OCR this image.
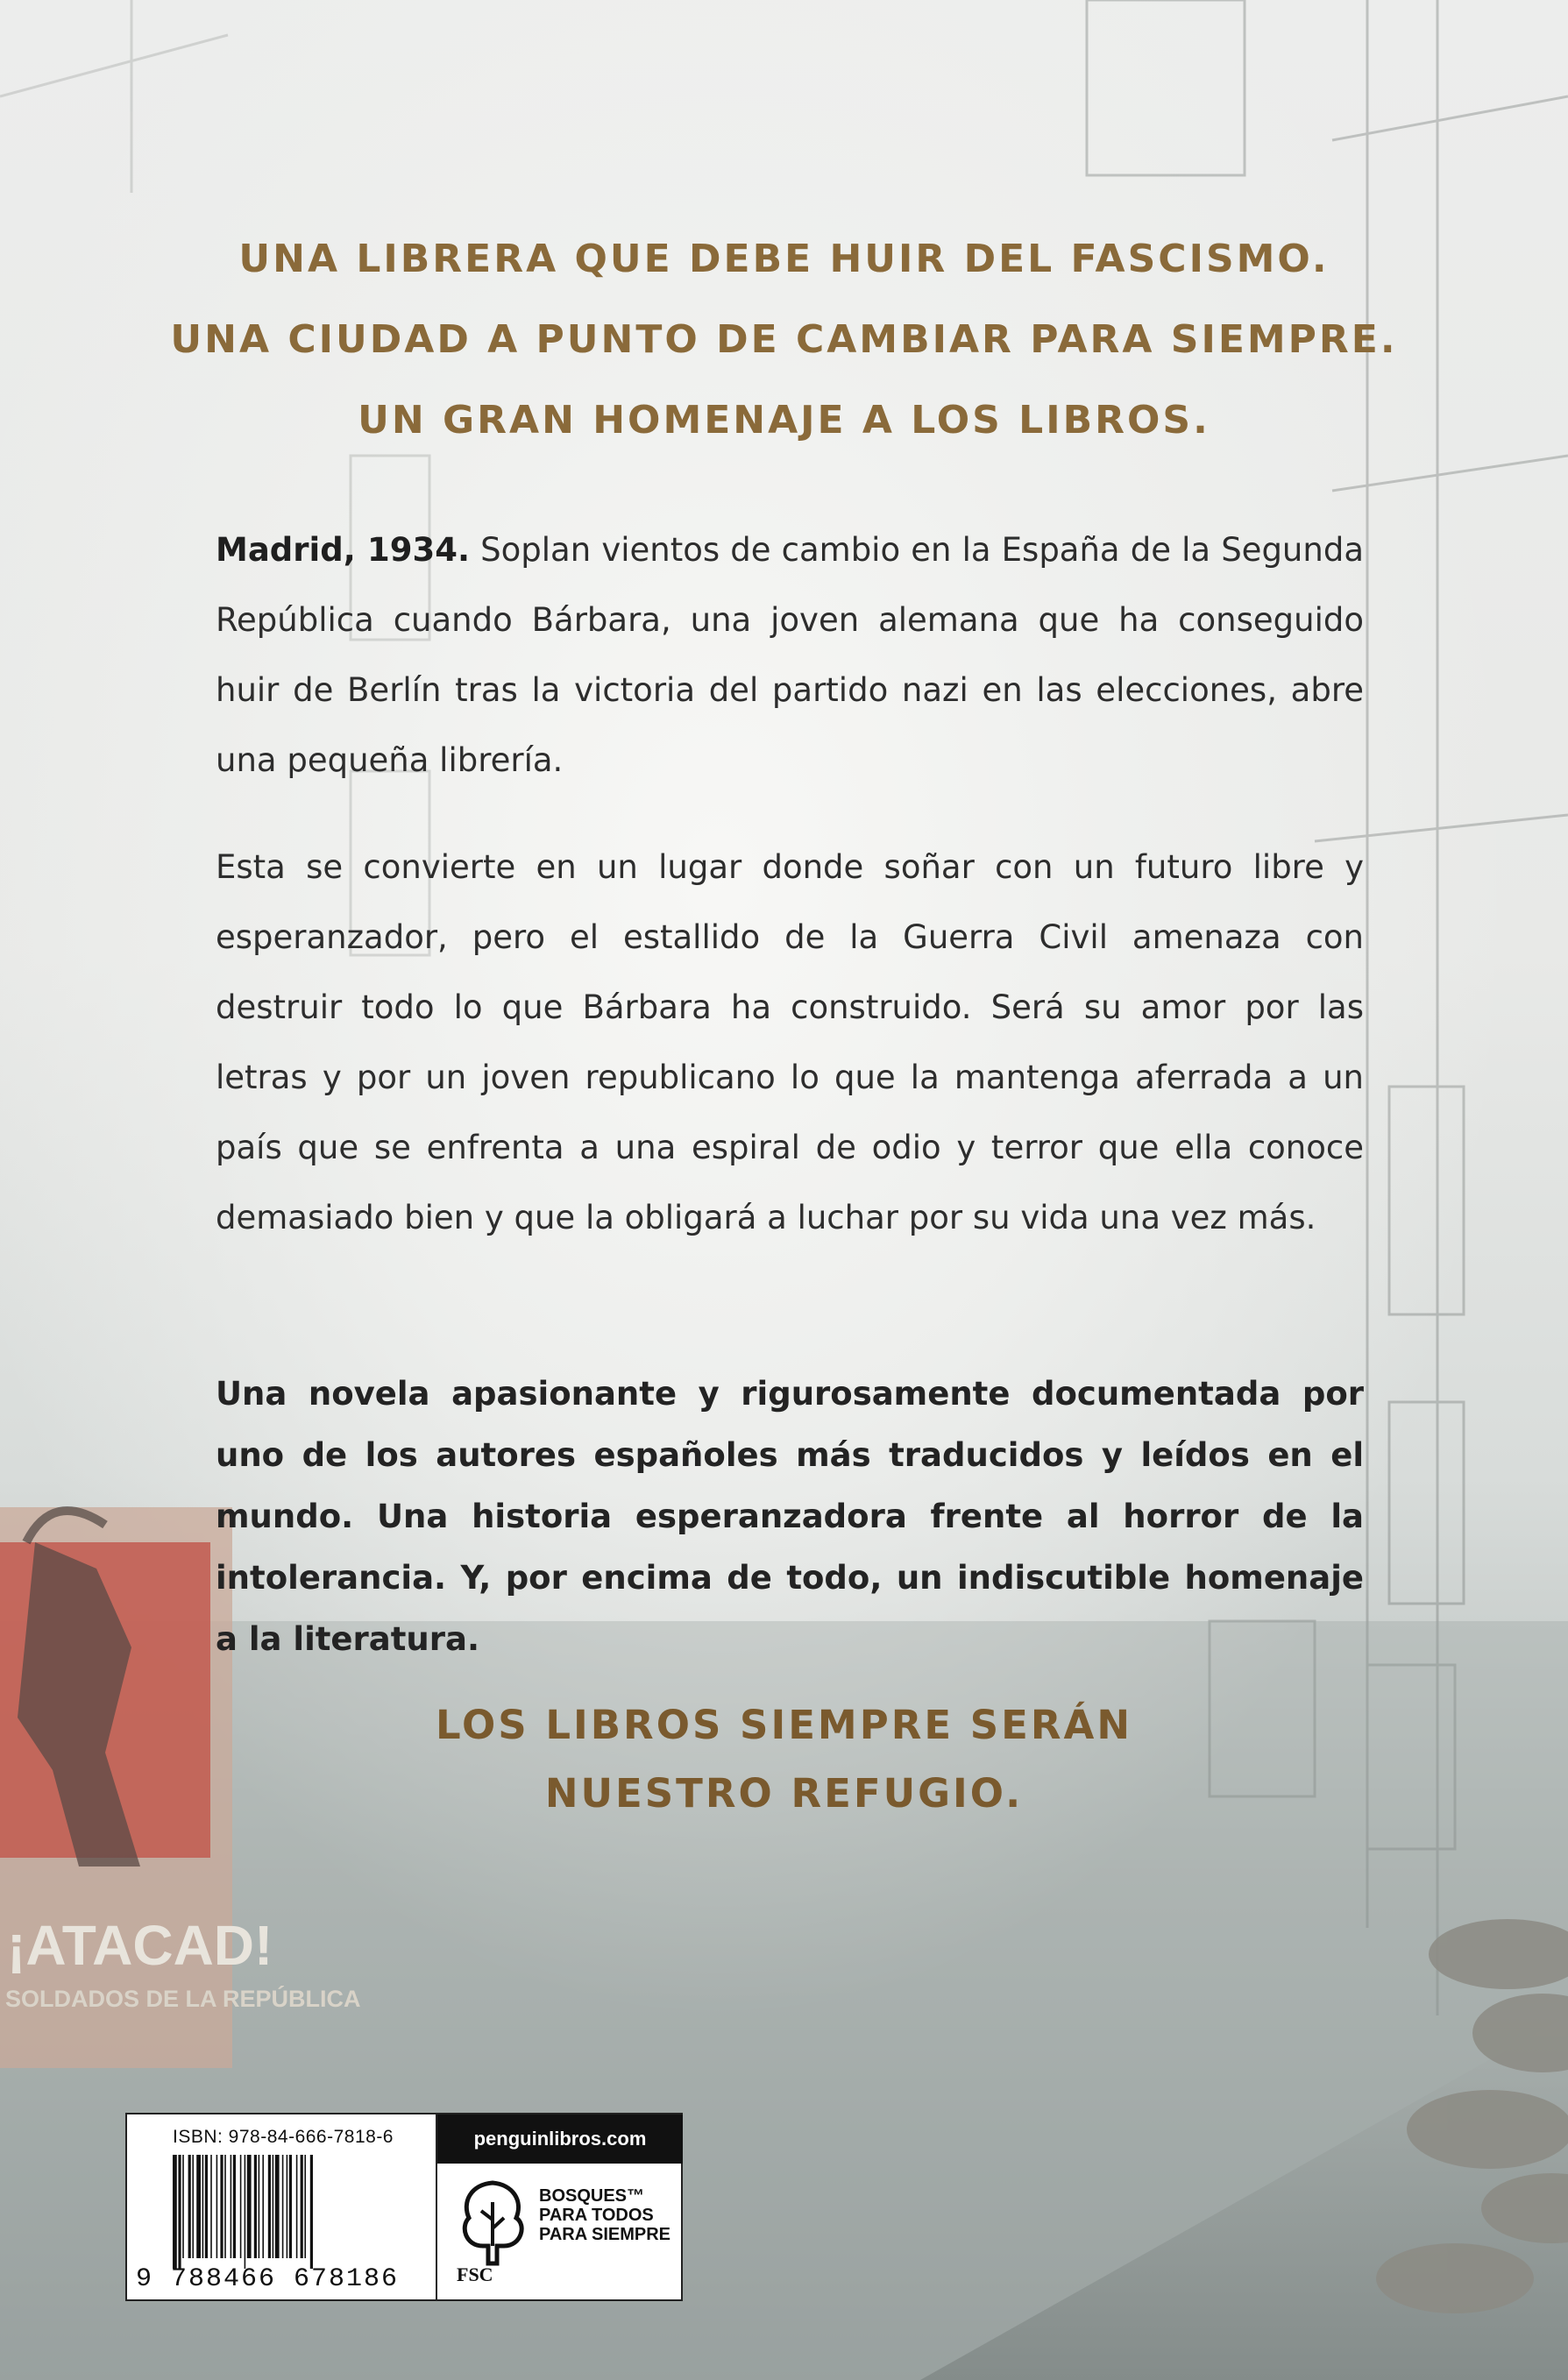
¡ATACAD!
SOLDADOS DE LA REPÚBLICA
UNA LIBRERA QUE DEBE HUIR DEL FASCISMO.
UNA CIUDAD A PUNTO DE CAMBIAR PARA SIEMPRE.
UN GRAN HOMENAJE A LOS LIBROS.

Madrid, 1934. Soplan vientos de cambio en la España de la Segunda República cuando Bárbara, una joven alemana que ha conseguido huir de Berlín tras la victoria del partido nazi en las elecciones, abre una pequeña librería.

Esta se convierte en un lugar donde soñar con un futuro libre y esperanzador, pero el estallido de la Guerra Civil amenaza con destruir todo lo que Bárbara ha construido. Será su amor por las letras y por un joven republicano lo que la mantenga aferrada a un país que se enfrenta a una espiral de odio y terror que ella conoce demasiado bien y que la obligará a luchar por su vida una vez más.

Una novela apasionante y rigurosamente documentada por uno de los autores españoles más traducidos y leídos en el mundo. Una historia esperanzadora frente al horror de la intolerancia. Y, por encima de todo, un indiscutible homenaje a la literatura.

LOS LIBROS SIEMPRE SERÁN
NUESTRO REFUGIO.
ISBN: 978-84-666-7818-6
9 788466 678186
penguinlibros.com
FSC
BOSQUES™
PARA TODOS
PARA SIEMPRE
